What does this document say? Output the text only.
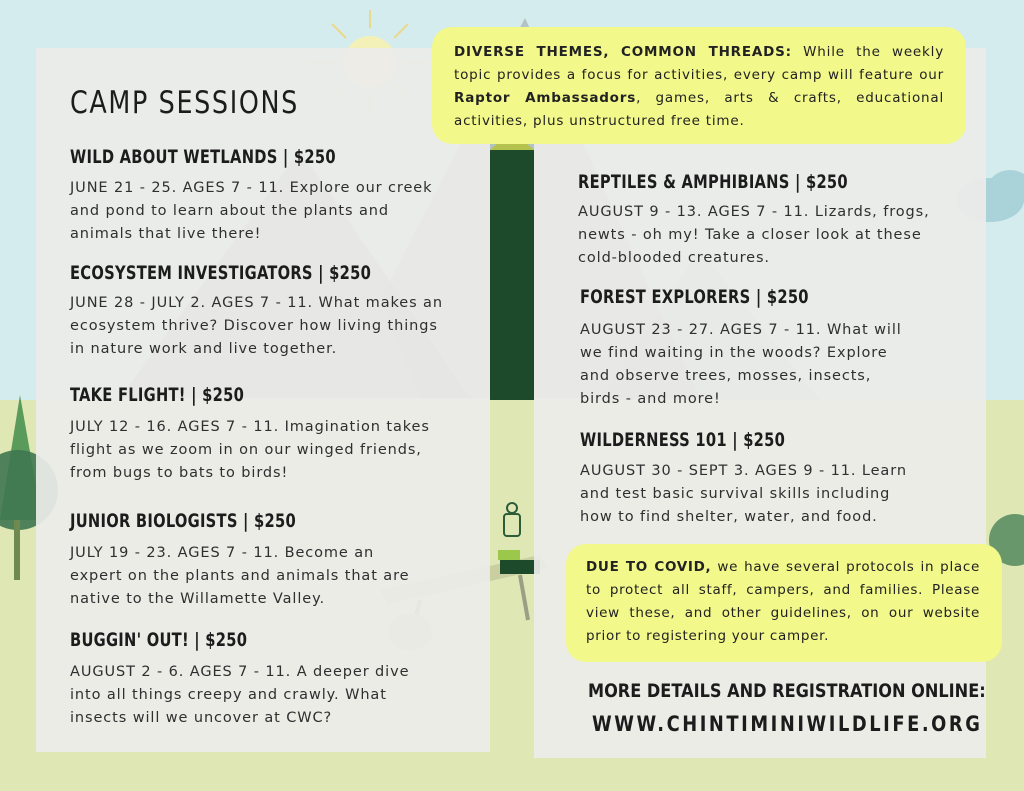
CAMP SESSIONS
WILD ABOUT WETLANDS | $250
JUNE 21 - 25. AGES 7 - 11. Explore our creek and pond to learn about the plants and animals that live there!
ECOSYSTEM INVESTIGATORS | $250
JUNE 28 - JULY 2. AGES 7 - 11. What makes an ecosystem thrive? Discover how living things in nature work and live together.
TAKE FLIGHT! | $250
JULY 12 - 16. AGES 7 - 11. Imagination takes flight as we zoom in on our winged friends, from bugs to bats to birds!
JUNIOR BIOLOGISTS | $250
JULY 19 - 23. AGES 7 - 11. Become an expert on the plants and animals that are native to the Willamette Valley.
BUGGIN' OUT! | $250
AUGUST 2 - 6. AGES 7 - 11. A deeper dive into all things creepy and crawly. What insects will we uncover at CWC?
DIVERSE THEMES, COMMON THREADS: While the weekly topic provides a focus for activities, every camp will feature our Raptor Ambassadors, games, arts & crafts, educational activities, plus unstructured free time.
REPTILES & AMPHIBIANS | $250
AUGUST 9 - 13. AGES 7 - 11. Lizards, frogs, newts - oh my! Take a closer look at these cold-blooded creatures.
FOREST EXPLORERS | $250
AUGUST 23 - 27. AGES 7 - 11. What will we find waiting in the woods? Explore and observe trees, mosses, insects, birds - and more!
WILDERNESS 101 | $250
AUGUST 30 - SEPT 3. AGES 9 - 11. Learn and test basic survival skills including how to find shelter, water, and food.
DUE TO COVID, we have several protocols in place to protect all staff, campers, and families. Please view these, and other guidelines, on our website prior to registering your camper.
MORE DETAILS AND REGISTRATION ONLINE:
WWW.CHINTIMINIWILDLIFE.ORG
